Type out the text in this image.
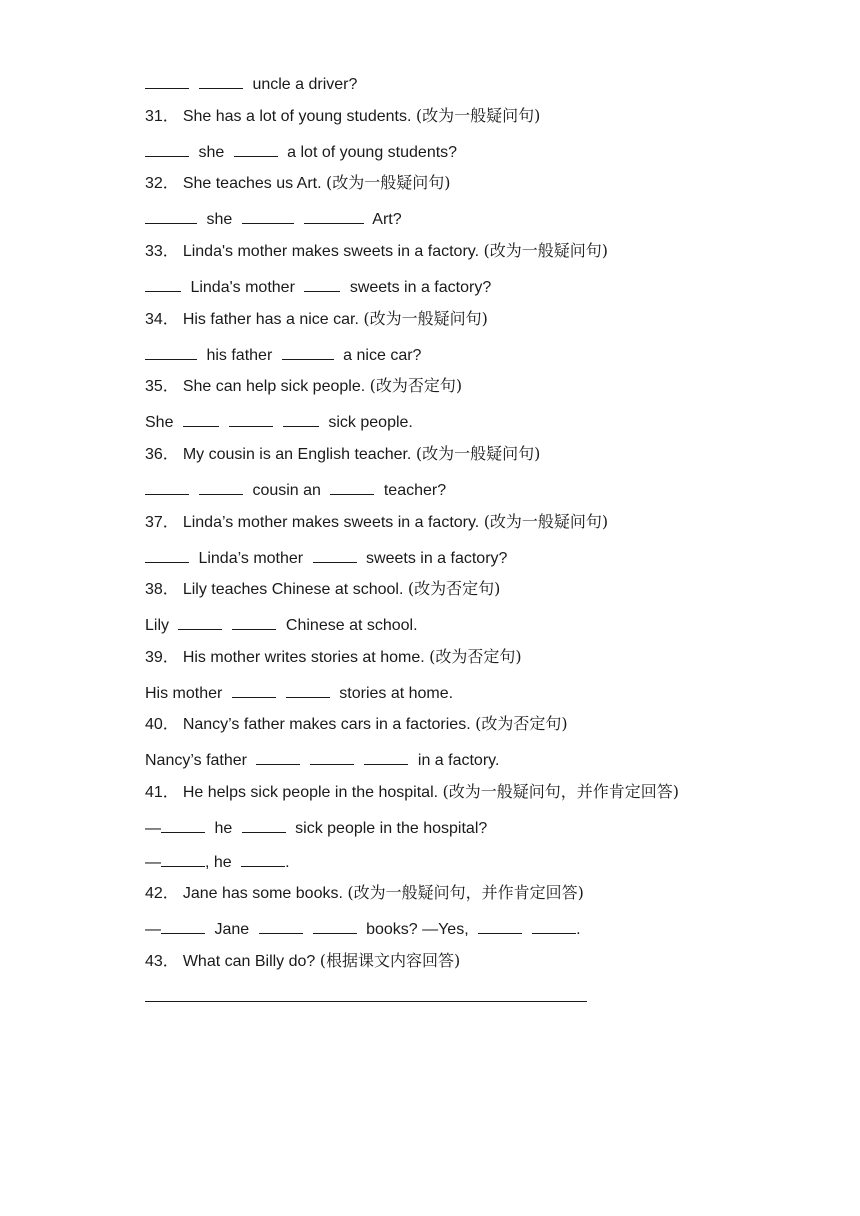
uncle a driver?
31． She has a lot of young students. (改为一般疑问句)
she	a lot of young students?
32． She teaches us Art. (改为一般疑问句)
she	Art?
33． Linda's mother makes sweets in a factory. (改为一般疑问句)
Linda's mother	sweets in a factory?
34． His father has a nice car. (改为一般疑问句)
his father	a nice car?
35． She can help sick people. (改为否定句)
She	sick people.
36． My cousin is an English teacher. (改为一般疑问句)
cousin an	teacher?
37． Linda’s mother makes sweets in a factory. (改为一般疑问句)
Linda’s mother	sweets in a factory?
38． Lily teaches Chinese at school. (改为否定句)
Lily	Chinese at school.
39． His mother writes stories at home. (改为否定句)
His mother	stories at home.
40． Nancy’s father makes cars in a factories. (改为否定句)
Nancy’s father	in a factory.
41． He helps sick people in the hospital. (改为一般疑问句，并作肯定回答)
—	he	sick people in the hospital?
—	, he	.
42． Jane has some books. (改为一般疑问句，并作肯定回答)
—	Jane	books? —Yes,	.
43． What can Billy do? (根据课文内容回答)
